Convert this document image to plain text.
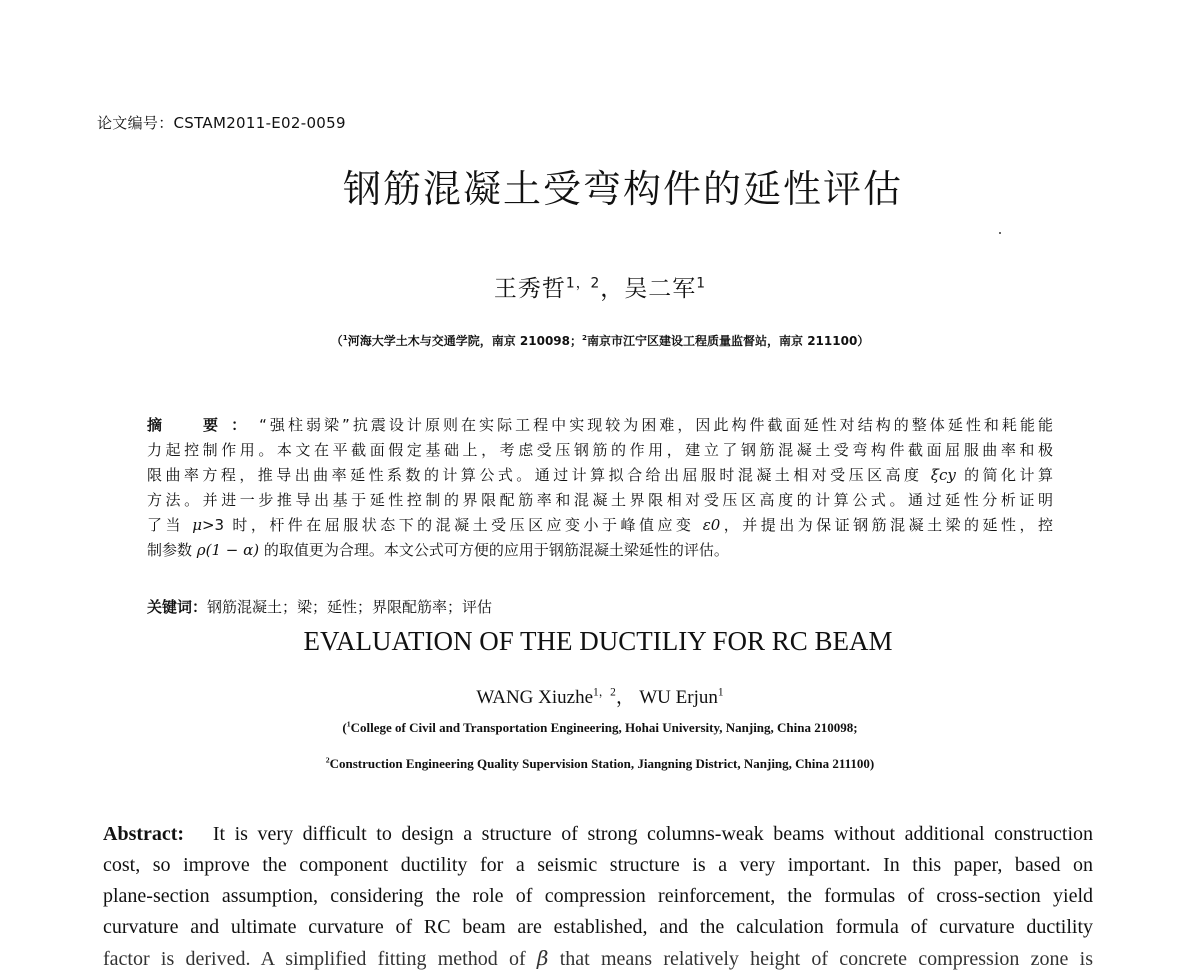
论文编号：CSTAM2011-E02-0059
钢筋混凝土受弯构件的延性评估
王秀哲$^{1,2}$，吴二军$^1$
（$^1$河海大学土木与交通学院，南京 210098；$^2$南京市江宁区建设工程质量监督站，南京 211100）
摘　要：“强柱弱梁”抗震设计原则在实际工程中实现较为困难，因此构件截面延性对结构的整体延性和耗能能
力起控制作用。本文在平截面假定基础上，考虑受压钢筋的作用，建立了钢筋混凝土受弯构件截面屈服曲率和极
限曲率方程，推导出曲率延性系数的计算公式。通过计算拟合给出屈服时混凝土相对受压区高度 ξcy 的简化计算
方法。并进一步推导出基于延性控制的界限配筋率和混凝土界限相对受压区高度的计算公式。通过延性分析证明
了当 μ>3 时，杆件在屈服状态下的混凝土受压区应变小于峰值应变 ε0，并提出为保证钢筋混凝土梁的延性，控
制参数 ρ(1 − α) 的取值更为合理。本文公式可方便的应用于钢筋混凝土梁延性的评估。
关键词：钢筋混凝土；梁；延性；界限配筋率；评估
EVALUATION OF THE DUCTILIY FOR RC BEAM
WANG Xiuzhe$^{1,2}$， WU Erjun$^1$
($^1$College of Civil and Transportation Engineering, Hohai University, Nanjing, China 210098;
$^2$Construction Engineering Quality Supervision Station, Jiangning District, Nanjing, China 211100)
Abstract: It is very difficult to design a structure of strong columns-weak beams without additional construction
cost, so improve the component ductility for a seismic structure is a very important. In this paper, based on
plane-section assumption, considering the role of compression reinforcement, the formulas of cross-section yield
curvature and ultimate curvature of RC beam are established, and the calculation formula of curvature ductility
factor is derived. A simplified fitting method of β that means relatively height of concrete compression zone is
